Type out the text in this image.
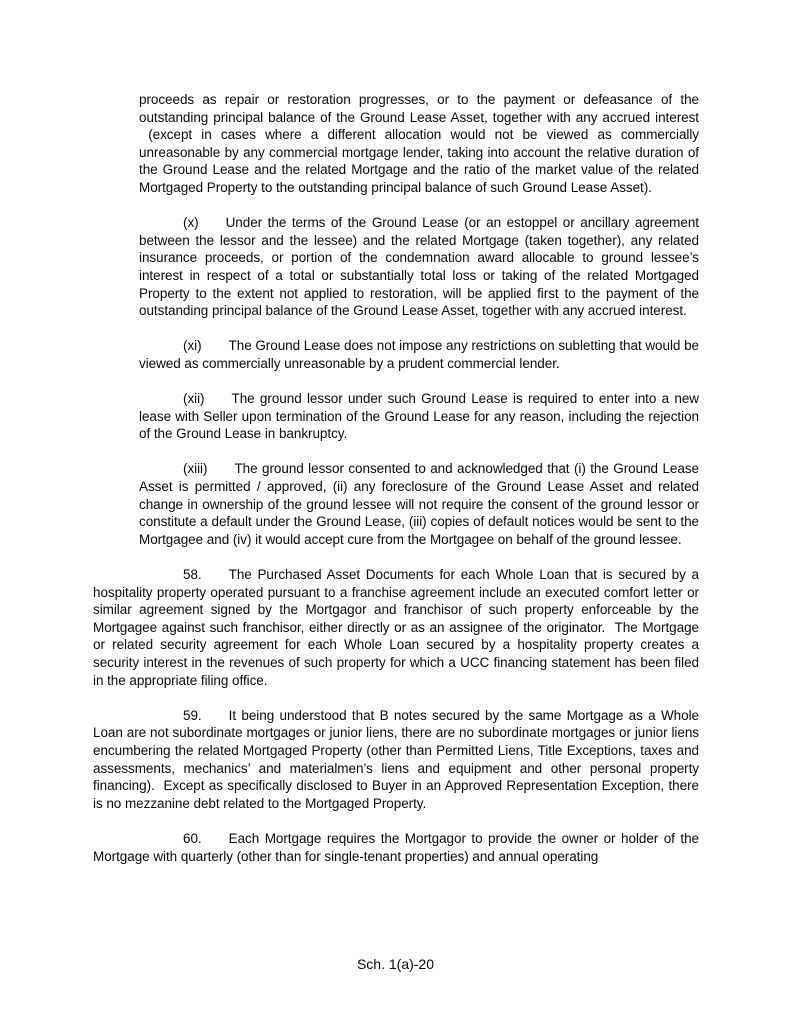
proceeds as repair or restoration progresses, or to the payment or defeasance of the outstanding principal balance of the Ground Lease Asset, together with any accrued interest  (except in cases where a different allocation would not be viewed as commercially unreasonable by any commercial mortgage lender, taking into account the relative duration of the Ground Lease and the related Mortgage and the ratio of the market value of the related Mortgaged Property to the outstanding principal balance of such Ground Lease Asset).

(x) Under the terms of the Ground Lease (or an estoppel or ancillary agreement between the lessor and the lessee) and the related Mortgage (taken together), any related insurance proceeds, or portion of the condemnation award allocable to ground lessee’s interest in respect of a total or substantially total loss or taking of the related Mortgaged Property to the extent not applied to restoration, will be applied first to the payment of the outstanding principal balance of the Ground Lease Asset, together with any accrued interest.

(xi) The Ground Lease does not impose any restrictions on subletting that would be viewed as commercially unreasonable by a prudent commercial lender.

(xii) The ground lessor under such Ground Lease is required to enter into a new lease with Seller upon termination of the Ground Lease for any reason, including the rejection of the Ground Lease in bankruptcy.

(xiii) The ground lessor consented to and acknowledged that (i) the Ground Lease Asset is permitted / approved, (ii) any foreclosure of the Ground Lease Asset and related change in ownership of the ground lessee will not require the consent of the ground lessor or constitute a default under the Ground Lease, (iii) copies of default notices would be sent to the Mortgagee and (iv) it would accept cure from the Mortgagee on behalf of the ground lessee.

58. The Purchased Asset Documents for each Whole Loan that is secured by a hospitality property operated pursuant to a franchise agreement include an executed comfort letter or similar agreement signed by the Mortgagor and franchisor of such property enforceable by the Mortgagee against such franchisor, either directly or as an assignee of the originator.  The Mortgage or related security agreement for each Whole Loan secured by a hospitality property creates a security interest in the revenues of such property for which a UCC financing statement has been filed in the appropriate filing office.

59. It being understood that B notes secured by the same Mortgage as a Whole Loan are not subordinate mortgages or junior liens, there are no subordinate mortgages or junior liens encumbering the related Mortgaged Property (other than Permitted Liens, Title Exceptions, taxes and assessments, mechanics’ and materialmen’s liens and equipment and other personal property financing).  Except as specifically disclosed to Buyer in an Approved Representation Exception, there is no mezzanine debt related to the Mortgaged Property.

60. Each Mortgage requires the Mortgagor to provide the owner or holder of the Mortgage with quarterly (other than for single-tenant properties) and annual operating

Sch. 1(a)-20
